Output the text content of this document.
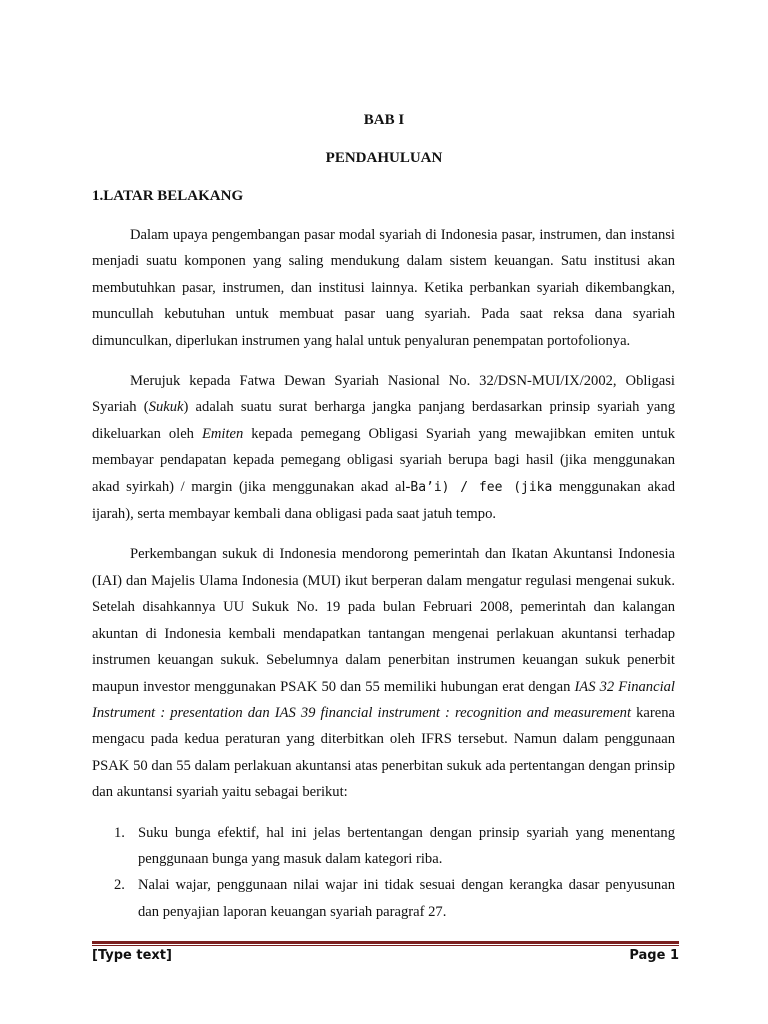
BAB I
PENDAHULUAN
1.LATAR BELAKANG

Dalam upaya pengembangan pasar modal syariah di Indonesia pasar, instrumen, dan instansi menjadi suatu komponen yang saling mendukung dalam sistem keuangan. Satu institusi akan membutuhkan pasar, instrumen, dan institusi lainnya. Ketika perbankan syariah dikembangkan, muncullah kebutuhan untuk membuat pasar uang syariah. Pada saat reksa dana syariah dimunculkan, diperlukan instrumen yang halal untuk penyaluran penempatan portofolionya.

Merujuk kepada Fatwa Dewan Syariah Nasional No. 32/DSN-MUI/IX/2002, Obligasi Syariah (Sukuk) adalah suatu surat berharga jangka panjang berdasarkan prinsip syariah yang dikeluarkan oleh Emiten kepada pemegang Obligasi Syariah yang mewajibkan emiten untuk membayar pendapatan kepada pemegang obligasi syariah berupa bagi hasil (jika menggunakan akad syirkah) / margin (jika menggunakan akad al-Ba’i) / fee (jika menggunakan akad ijarah), serta membayar kembali dana obligasi pada saat jatuh tempo.

Perkembangan sukuk di Indonesia mendorong pemerintah dan Ikatan Akuntansi Indonesia (IAI) dan Majelis Ulama Indonesia (MUI) ikut berperan dalam mengatur regulasi mengenai sukuk. Setelah disahkannya UU Sukuk No. 19 pada bulan Februari 2008, pemerintah dan kalangan akuntan di Indonesia kembali mendapatkan tantangan mengenai perlakuan akuntansi terhadap instrumen keuangan sukuk. Sebelumnya dalam penerbitan instrumen keuangan sukuk penerbit maupun investor menggunakan PSAK 50 dan 55 memiliki hubungan erat dengan IAS 32 Financial Instrument : presentation dan IAS 39 financial instrument : recognition and measurement karena mengacu pada kedua peraturan yang diterbitkan oleh IFRS tersebut. Namun dalam penggunaan PSAK 50 dan 55 dalam perlakuan akuntansi atas penerbitan sukuk ada pertentangan dengan prinsip dan akuntansi syariah yaitu sebagai berikut:

1. Suku bunga efektif, hal ini jelas bertentangan dengan prinsip syariah yang menentang penggunaan bunga yang masuk dalam kategori riba.
2. Nalai wajar, penggunaan nilai wajar ini tidak sesuai dengan kerangka dasar penyusunan dan penyajian laporan keuangan syariah paragraf 27.
[Type text]	Page 1
